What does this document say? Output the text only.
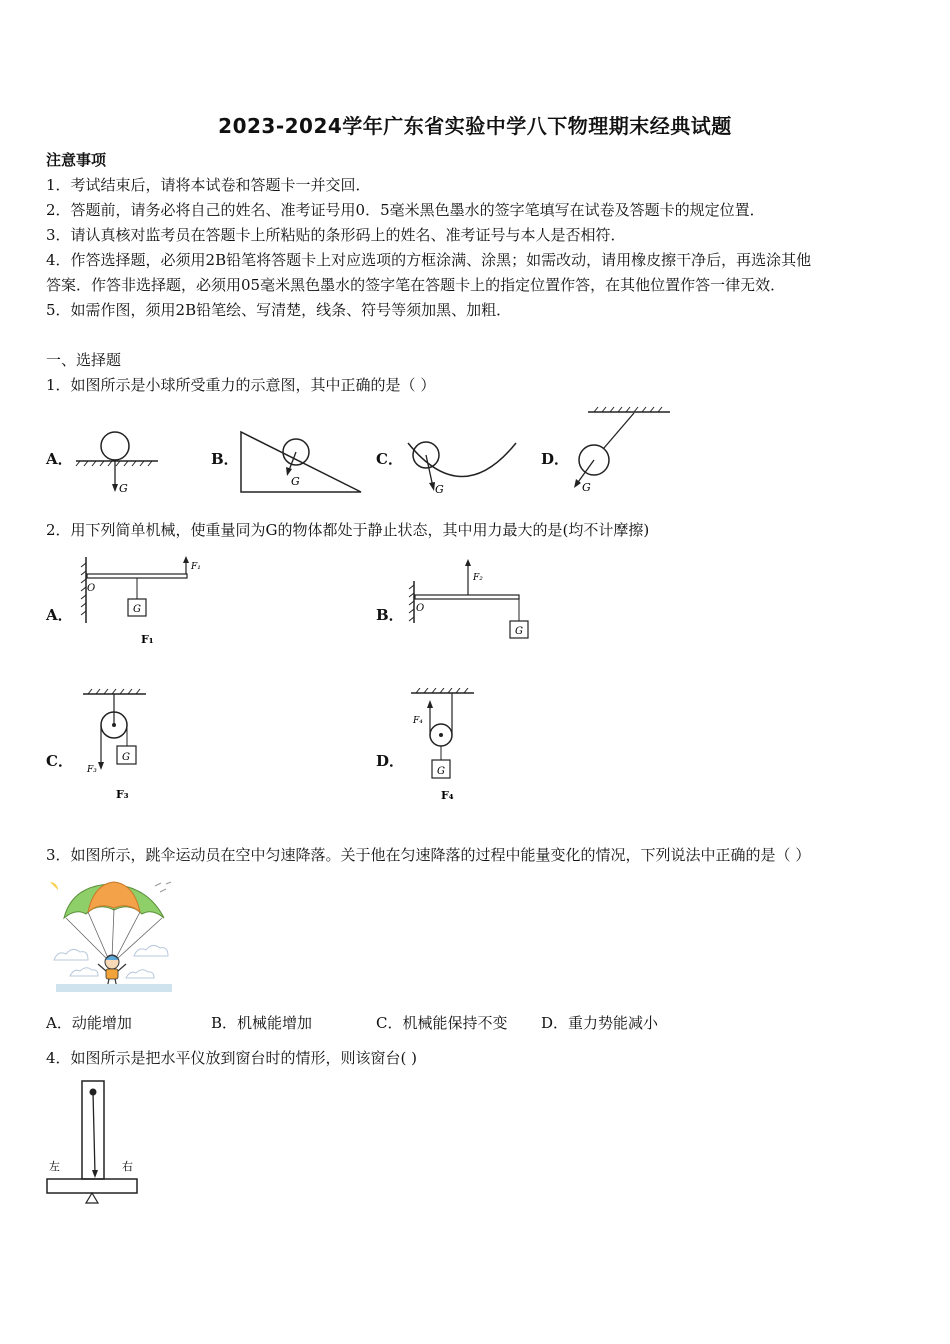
2023-2024学年广东省实验中学八下物理期末经典试题
注意事项
1．考试结束后，请将本试卷和答题卡一并交回．
2．答题前，请务必将自己的姓名、准考证号用0．5毫米黑色墨水的签字笔填写在试卷及答题卡的规定位置．
3．请认真核对监考员在答题卡上所粘贴的条形码上的姓名、准考证号与本人是否相符．
4．作答选择题，必须用2B铅笔将答题卡上对应选项的方框涂满、涂黑；如需改动，请用橡皮擦干净后，再选涂其他
答案．作答非选择题，必须用05毫米黑色墨水的签字笔在答题卡上的指定位置作答，在其他位置作答一律无效．
5．如需作图，须用2B铅笔绘、写清楚，线条、符号等须加黑、加粗．
一、选择题
1．如图所示是小球所受重力的示意图，其中正确的是（ ）
A．	B．	C．	D．
G
G
G	G
2．用下列简单机械，使重量同为G的物体都处于静止状态，其中用力最大的是(均不计摩擦)
A．	B．
C．	D．
O
G
F₁
F₁
O
F₂
G
F₃
G
F₃
F₄
G
F₄
3．如图所示，跳伞运动员在空中匀速降落。关于他在匀速降落的过程中能量变化的情况，下列说法中正确的是（ ）
A．动能增加	B．机械能增加	C．机械能保持不变 D．重力势能减小
4．如图所示是把水平仪放到窗台时的情形，则该窗台( )
左	右
